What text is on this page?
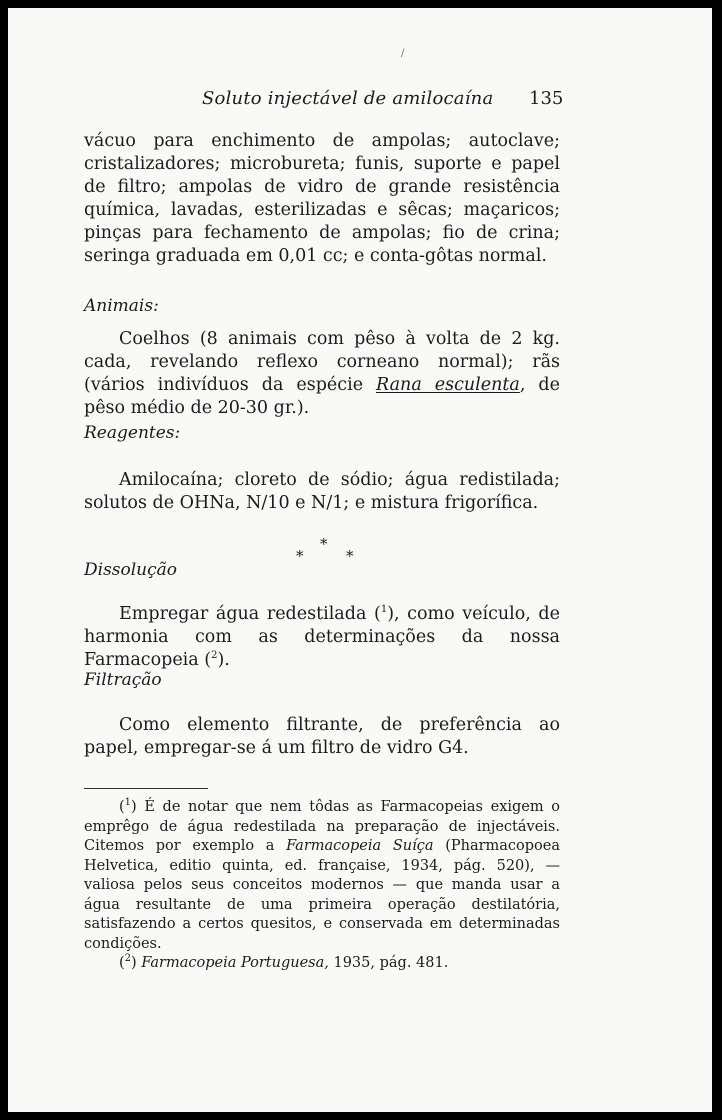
/
Soluto injectável de amilocaína 135

vácuo para enchimento de ampolas; autoclave; cristalizadores; microbureta; funis, suporte e papel de filtro; ampolas de vidro de grande resistência química, lavadas, esterilizadas e sêcas; maçaricos; pinças para fechamento de ampolas; fio de crina; seringa graduada em 0,01 cc; e conta-gôtas normal.

Animais:

Coelhos (8 animais com pêso à volta de 2 kg. cada, revelando reflexo corneano normal); rãs (vários indivíduos da espécie Rana esculenta, de pêso médio de 20-30 gr.).

Reagentes:

Amilocaína; cloreto de sódio; água redistilada; solutos de OHNa, N/10 e N/1; e mistura frigorífica.

*
*	*
Dissolução

Empregar água redestilada ($^1$), como veículo, de harmonia com as determinações da nossa Farmacopeia ($^2$).

Filtração

Como elemento filtrante, de preferência ao papel, empregar-se á um filtro de vidro G4.

($^1$) É de notar que nem tôdas as Farmacopeias exigem o emprêgo de água redestilada na preparação de injectáveis. Citemos por exemplo a Farmacopeia Suíça (Pharmacopoea Helvetica, editio quinta, ed. française, 1934, pág. 520), — valiosa pelos seus conceitos modernos — que manda usar a água resultante de uma primeira operação destilatória, satisfazendo a certos quesitos, e conservada em determinadas condições.

($^2$) Farmacopeia Portuguesa, 1935, pág. 481.
